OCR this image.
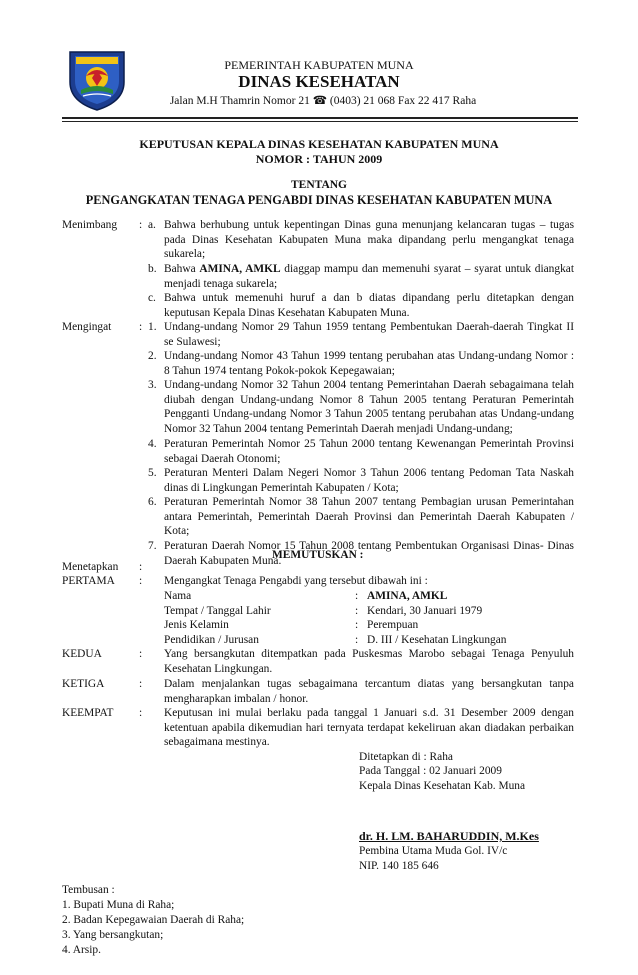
PEMERINTAH KABUPATEN MUNA
DINAS KESEHATAN
Jalan M.H Thamrin Nomor 21 ☎ (0403) 21 068 Fax 22 417 Raha
KEPUTUSAN KEPALA DINAS KESEHATAN KABUPATEN MUNA
NOMOR : TAHUN 2009
TENTANG
PENGANGKATAN TENAGA PENGABDI DINAS KESEHATAN KABUPATEN MUNA
Menimbang : a. Bahwa berhubung untuk kepentingan Dinas guna menunjang kelancaran tugas – tugas pada Dinas Kesehatan Kabupaten Muna maka dipandang perlu mengangkat tenaga sukarela;
b. Bahwa AMINA, AMKL diaggap mampu dan memenuhi syarat – syarat untuk diangkat menjadi tenaga sukarela;
c. Bahwa untuk memenuhi huruf a dan b diatas dipandang perlu ditetapkan dengan keputusan Kepala Dinas Kesehatan Kabupaten Muna.
Mengingat : 1. Undang-undang Nomor 29 Tahun 1959 tentang Pembentukan Daerah-daerah Tingkat II se Sulawesi;
2. Undang-undang Nomor 43 Tahun 1999 tentang perubahan atas Undang-undang Nomor : 8 Tahun 1974 tentang Pokok-pokok Kepegawaian;
3. Undang-undang Nomor 32 Tahun 2004 tentang Pemerintahan Daerah sebagaimana telah diubah dengan Undang-undang Nomor 8 Tahun 2005 tentang Peraturan Pemerintah Pengganti Undang-undang Nomor 3 Tahun 2005 tentang perubahan atas Undang-undang Nomor 32 Tahun 2004 tentang Pemerintah Daerah menjadi Undang-undang;
4. Peraturan Pemerintah Nomor 25 Tahun 2000 tentang Kewenangan Pemerintah Provinsi sebagai Daerah Otonomi;
5. Peraturan Menteri Dalam Negeri Nomor 3 Tahun 2006 tentang Pedoman Tata Naskah dinas di Lingkungan Pemerintah Kabupaten / Kota;
6. Peraturan Pemerintah Nomor 38 Tahun 2007 tentang Pembagian urusan Pemerintahan antara Pemerintah, Pemerintah Daerah Provinsi dan Pemerintah Daerah Kabupaten / Kota;
7. Peraturan Daerah Nomor 15 Tahun 2008 tentang Pembentukan Organisasi Dinas- Dinas Daerah Kabupaten Muna.
MEMUTUSKAN :
Menetapkan :
PERTAMA : Mengangkat Tenaga Pengabdi yang tersebut dibawah ini :
Nama	: AMINA, AMKL
Tempat / Tanggal Lahir	: Kendari, 30 Januari 1979
Jenis Kelamin	: Perempuan
Pendidikan / Jurusan	: D. III / Kesehatan Lingkungan
KEDUA	: Yang bersangkutan ditempatkan pada Puskesmas Marobo sebagai Tenaga Penyuluh Kesehatan Lingkungan.
KETIGA	: Dalam menjalankan tugas sebagaimana tercantum diatas yang bersangkutan tanpa mengharapkan imbalan / honor.
KEEMPAT : Keputusan ini mulai berlaku pada tanggal 1 Januari s.d. 31 Desember 2009 dengan ketentuan apabila dikemudian hari ternyata terdapat kekeliruan akan diadakan perbaikan sebagaimana mestinya.
Ditetapkan di : Raha
Pada Tanggal : 02 Januari 2009
Kepala Dinas Kesehatan Kab. Muna
dr. H. LM. BAHARUDDIN, M.Kes
Pembina Utama Muda Gol. IV/c
NIP. 140 185 646
Tembusan :
1. Bupati Muna di Raha;
2. Badan Kepegawaian Daerah di Raha;
3. Yang bersangkutan;
4. Arsip.
